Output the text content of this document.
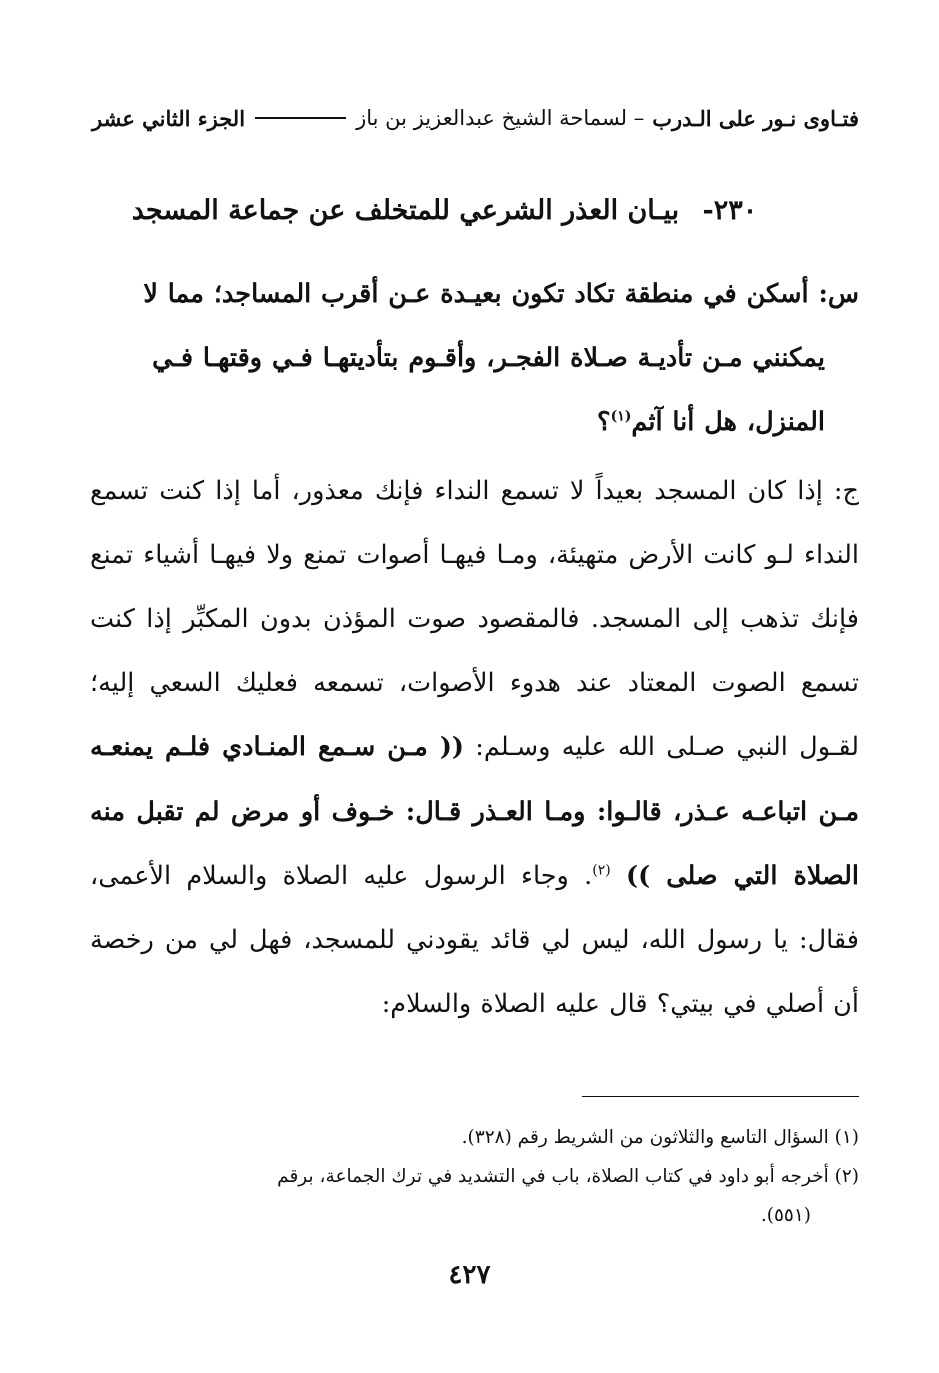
فتـاوى نـور على الـدرب
– لسماحة الشيخ عبدالعزيز بن باز
الجزء الثاني عشر
٢٣٠- بيـان العذر الشرعي للمتخلف عن جماعة المسجد

س: أسكن في منطقة تكاد تكون بعيـدة عـن أقرب المساجد؛ مما لا

يمكنني مـن تأديـة صـلاة الفجـر، وأقـوم بتأديتهـا فـي وقتهـا فـي

المنزل، هل أنا آثم$^{(١)}$؟

ج: إذا كان المسجد بعيداً لا تسمع النداء فإنك معذور، أما إذا كنت تسمع النداء لـو كانت الأرض متهيئة، ومـا فيهـا أصوات تمنع ولا فيهـا أشياء تمنع فإنك تذهب إلى المسجد. فالمقصود صوت المؤذن بدون المكبِّر إذا كنت تسمع الصوت المعتاد عند هدوء الأصوات، تسمعه فعليك السعي إليه؛ لقـول النبي صـلى الله عليه وسـلم: (( مـن سـمع المنـادي فلـم يمنعـه مـن اتباعـه عـذر، قالـوا: ومـا العـذر قـال: خـوف أو مرض لم تقبل منه الصلاة التي صلى )) $^{(٢)}$. وجاء الرسول عليه الصلاة والسلام الأعمى، فقال: يا رسول الله، ليس لي قائد يقودني للمسجد، فهل لي من رخصة أن أصلي في بيتي؟ قال عليه الصلاة والسلام:

(١) السؤال التاسع والثلاثون من الشريط رقم (٣٢٨).

(٢) أخرجه أبو داود في كتاب الصلاة، باب في التشديد في ترك الجماعة، برقم

(٥٥١).

٤٢٧
